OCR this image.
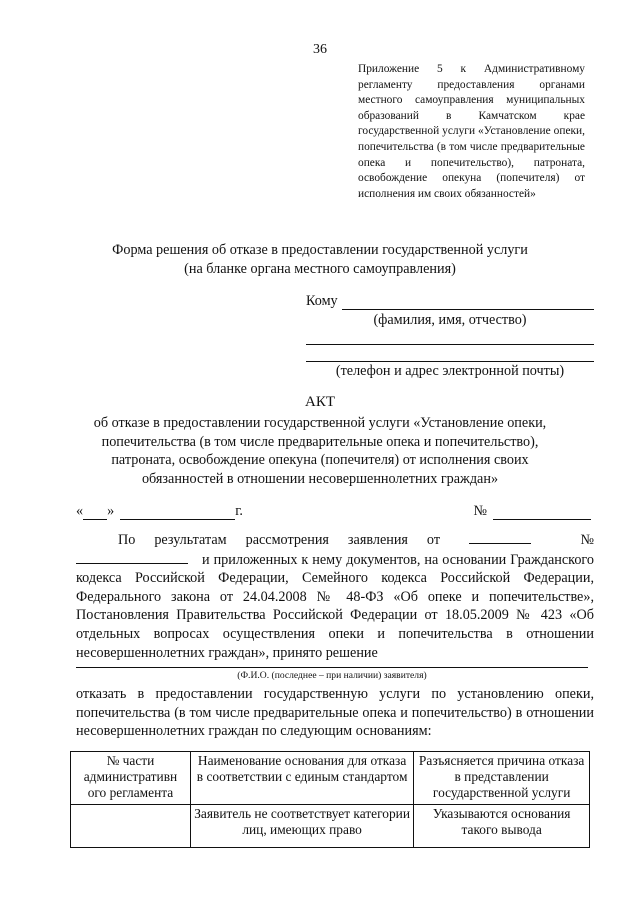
36
Приложение 5 к Административному регламенту предоставления органами местного самоуправления муниципальных образований в Камчатском крае государственной услуги «Установление опеки, попечительства (в том числе предварительные опека и попечительство), патроната, освобождение опекуна (попечителя) от исполнения им своих обязанностей»
Форма решения об отказе в предоставлении государственной услуги
(на бланке органа местного самоуправления)
Кому
(фамилия, имя, отчество)
(телефон и адрес электронной почты)
АКТ
об отказе в предоставлении государственной услуги «Установление опеки,
попечительства (в том числе предварительные опека и попечительство),
патроната, освобождение опекуна (попечителя) от исполнения своих
обязанностей в отношении несовершеннолетних граждан»
« »	г.	№
По результатам рассмотрения заявления от	№ и приложенных к нему документов, на основании Гражданского кодекса Российской Федерации, Семейного кодекса Российской Федерации, Федерального закона от 24.04.2008 № 48-ФЗ «Об опеке и попечительстве», Постановления Правительства Российской Федерации от 18.05.2009 № 423 «Об отдельных вопросах осуществления опеки и попечительства в отношении несовершеннолетних граждан», принято решение
(Ф.И.О. (последнее – при наличии) заявителя)
отказать в предоставлении государственную услуги по установлению опеки, попечительства (в том числе предварительные опека и попечительство) в отношении несовершеннолетних граждан по следующим основаниям:
№ части административн ого регламента	Наименование основания для отказа в соответствии с единым стандартом	Разъясняется причина отказа в представлении государственной услуги
	Заявитель не соответствует категории лиц, имеющих право	Указываются основания такого вывода
